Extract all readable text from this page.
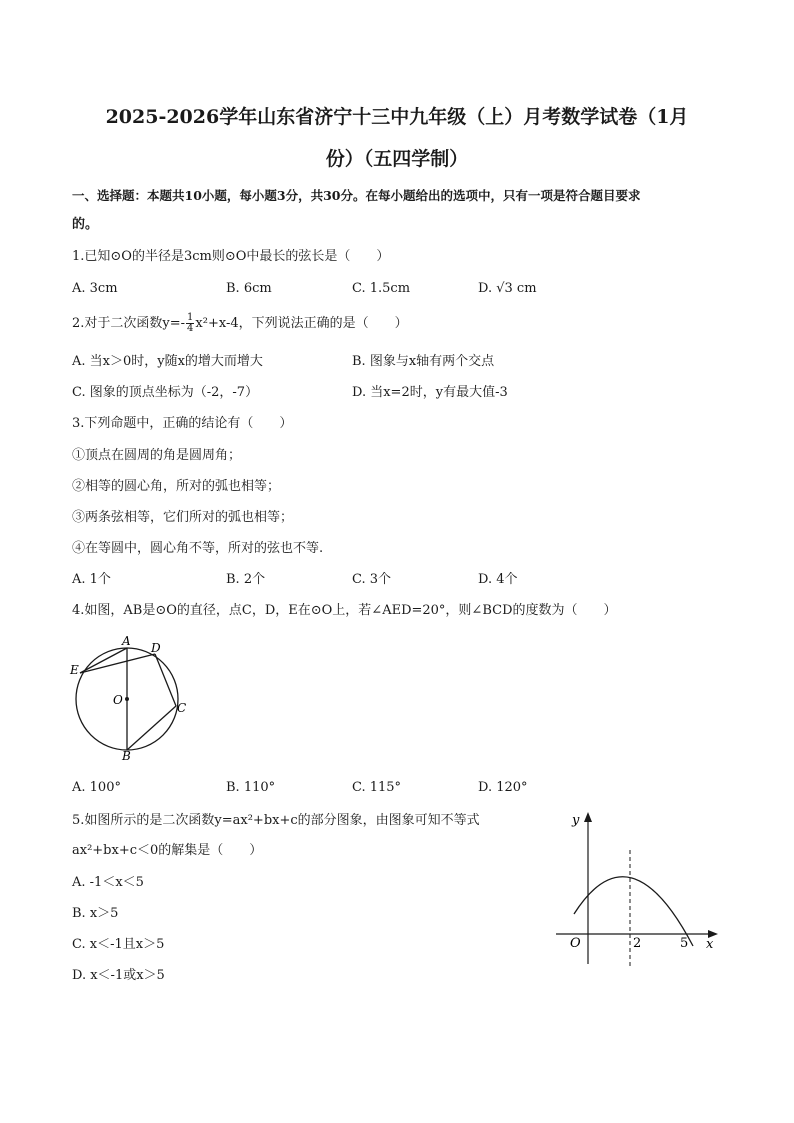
2025-2026学年山东省济宁十三中九年级（上）月考数学试卷（1月
份）（五四学制）
一、选择题：本题共10小题，每小题3分，共30分。在每小题给出的选项中，只有一项是符合题目要求
的。
1.已知⊙O的半径是3cm则⊙O中最长的弦长是（　　）
A. 3cm	B. 6cm	C. 1.5cm	D. √3 cm
2.对于二次函数$y=- \frac{1}{4} x^2+x-4$，下列说法正确的是（　　）
A. 当x＞0时，y随x的增大而增大	B. 图象与x轴有两个交点
C. 图象的顶点坐标为（-2，-7）	D. 当x=2时，y有最大值-3
3.下列命题中，正确的结论有（　　）
①顶点在圆周的角是圆周角；
②相等的圆心角，所对的弧也相等；
③两条弦相等，它们所对的弧也相等；
④在等圆中，圆心角不等，所对的弦也不等.
A. 1个	B. 2个	C. 3个	D. 4个
4.如图，AB是⊙O的直径，点C，D，E在⊙O上，若∠AED=20°，则∠BCD的度数为（　　）
A
B
C
D
E
O
A. 100°	B. 110°	C. 115°	D. 120°
5.如图所示的是二次函数y=ax²+bx+c的部分图象，由图象可知不等式
ax²+bx+c＜0的解集是（　　）
A. -1＜x＜5
B. x＞5
C. x＜-1且x＞5
D. x＜-1或x＞5
y
x
O	2	5
